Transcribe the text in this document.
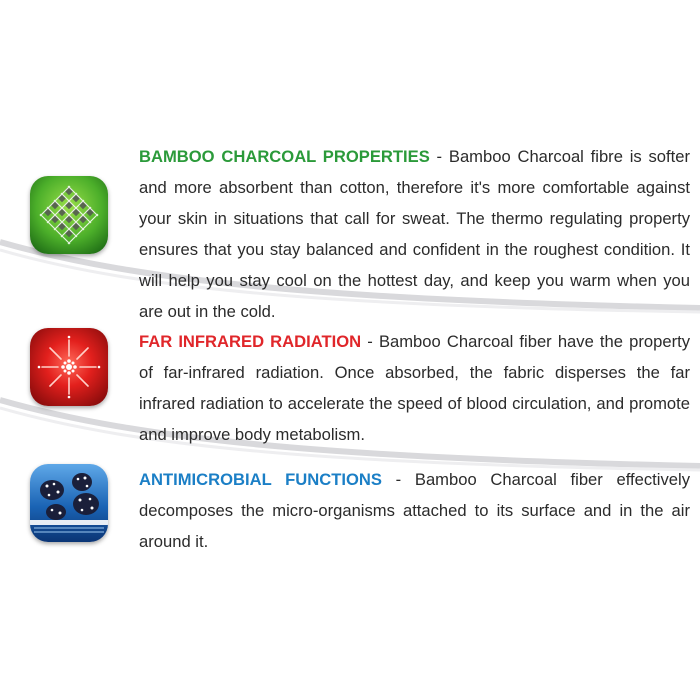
BAMBOO CHARCOAL PROPERTIES - Bamboo Charcoal fibre is softer and more absorbent than cotton, therefore it's more comfortable against your skin in situations that call for sweat. The thermo regulating property ensures that you stay balanced and confident in the roughest condition. It will help you stay cool on the hottest day, and keep you warm when you are out in the cold.

FAR INFRARED RADIATION - Bamboo Charcoal fiber have the property of far-infrared radiation. Once absorbed, the fabric disperses the far infrared radiation to accelerate the speed of blood circulation, and promote and improve body metabolism.

ANTIMICROBIAL FUNCTIONS - Bamboo Charcoal fiber effectively decomposes the micro-organisms attached to its surface and in the air around it.
